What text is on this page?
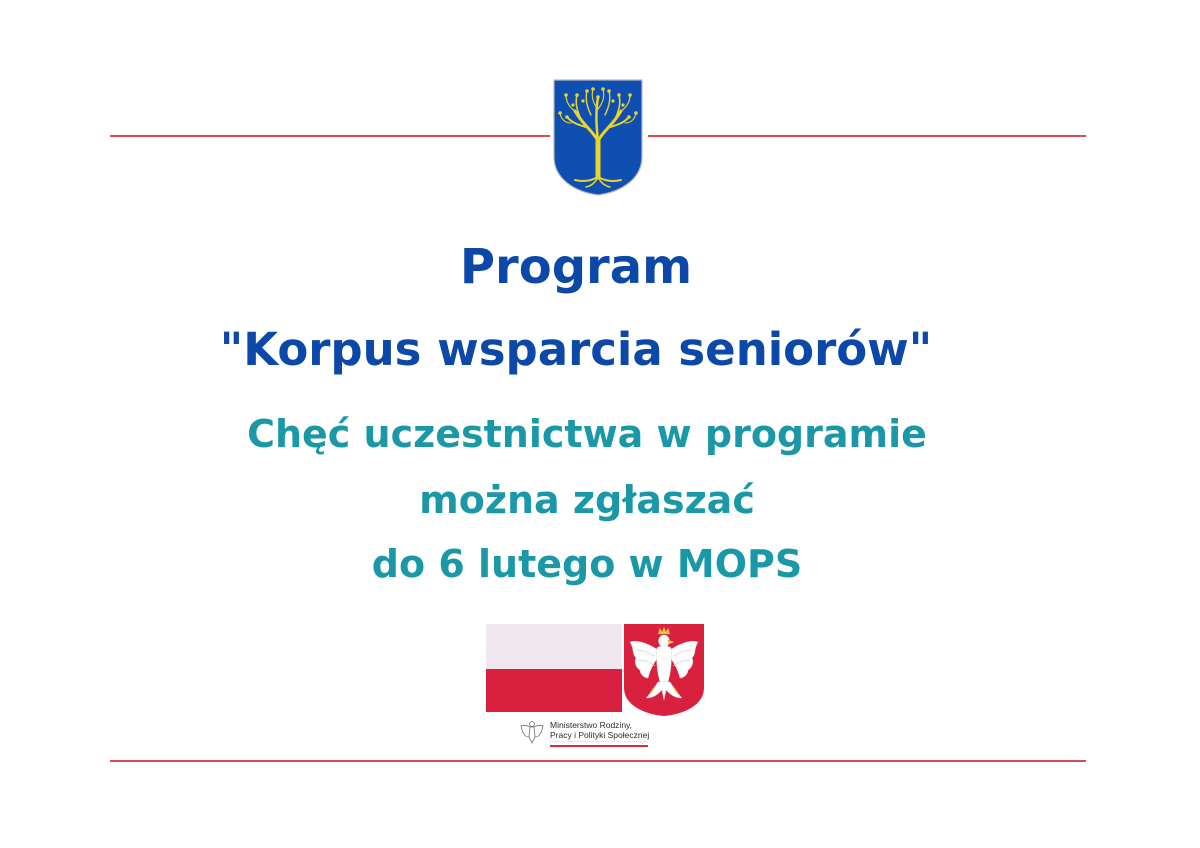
Program
"Korpus wsparcia seniorów"
Chęć uczestnictwa w programie
można zgłaszać
do 6 lutego w MOPS
Ministerstwo Rodziny,
Pracy i Polityki Społecznej
